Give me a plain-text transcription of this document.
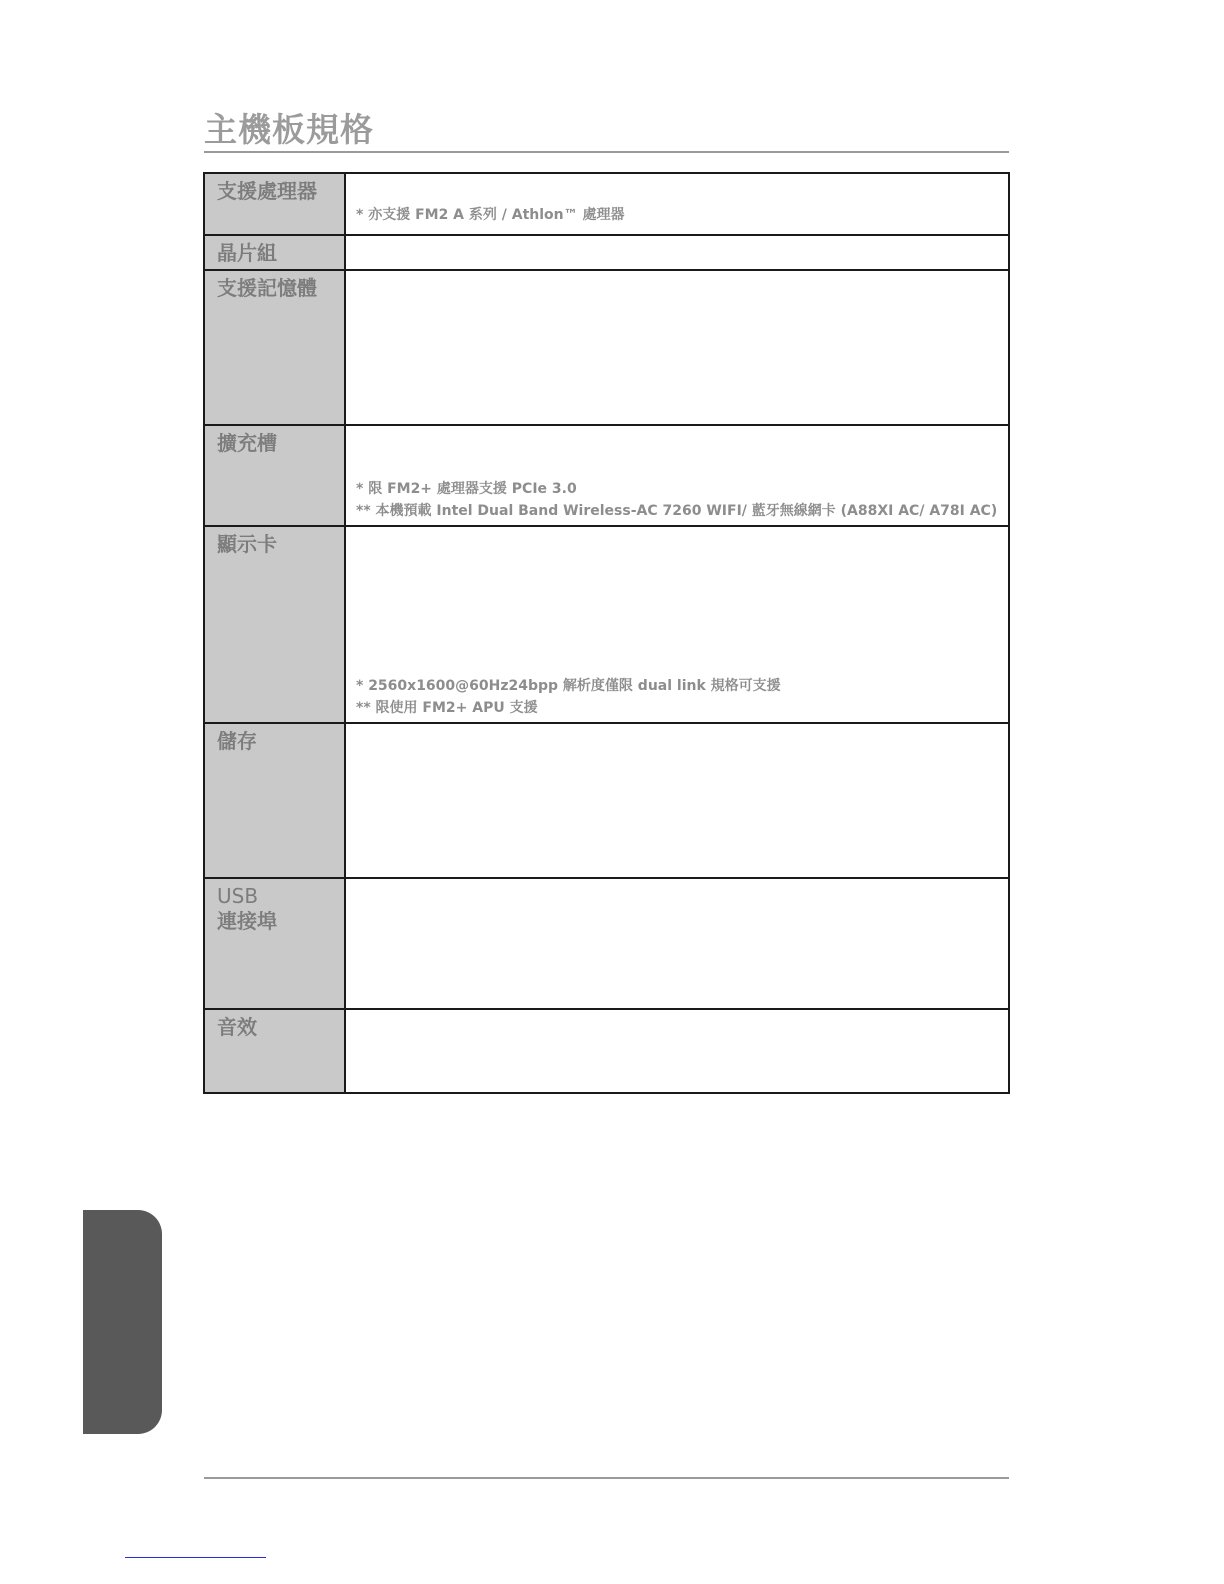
主機板規格
支援處理器	* 亦支援 FM2 A 系列 / Athlon™ 處理器

晶片組	
支援記憶體	
擴充槽	* 限 FM2+ 處理器支援 PCIe 3.0
** 本機預載 Intel Dual Band Wireless-AC 7260 WIFI/ 藍牙無線網卡 (A88XI AC/ A78I AC)

顯示卡	* 2560x1600@60Hz24bpp 解析度僅限 dual link 規格可支援
** 限使用 FM2+ APU 支援

儲存	

USB
連接埠	

音效	
